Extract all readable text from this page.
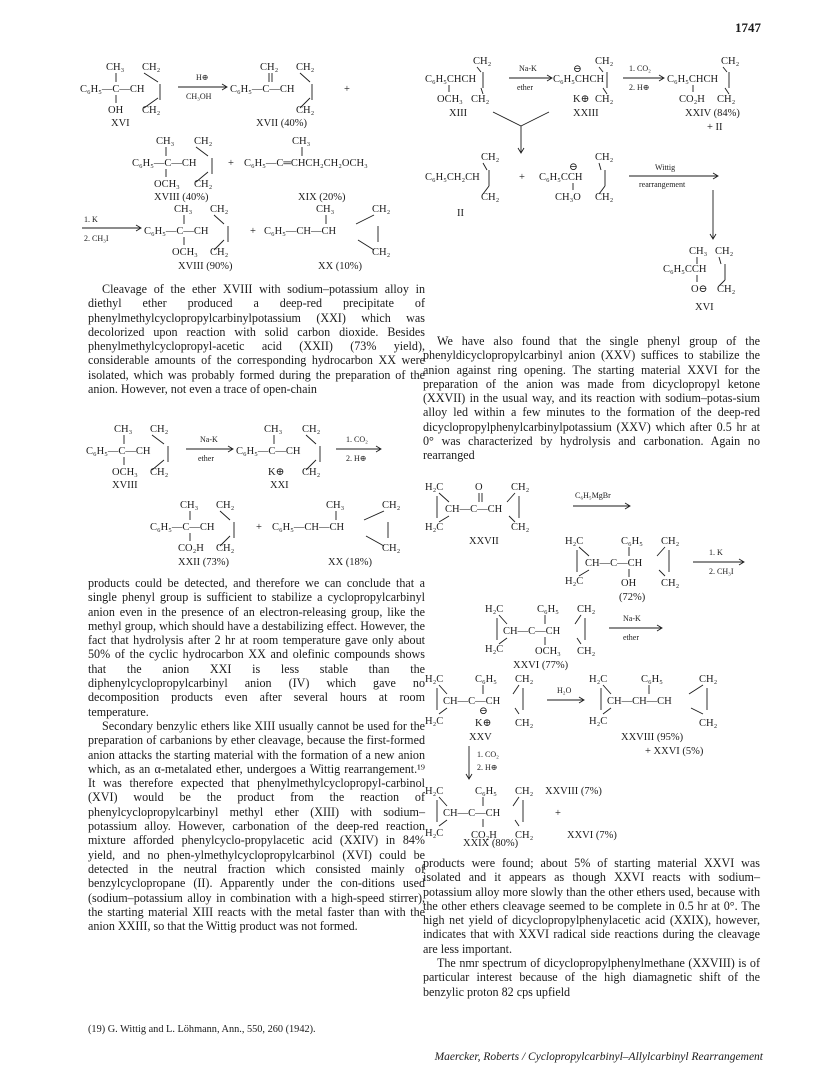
1747
CH₃ CH₂
C₆H₅—C—CH
OH CH₂
XVI
H⊕
CH₃OH
CH₂ CH₂
C₆H₅—C—CH
CH₂
+
XVII (40%)
CH₃ CH₂
C₆H₅—C—CH
OCH₃ CH₂
+
CH₃
C₆H₅—C═CHCH₂CH₂OCH₃
XVIII (40%)	XIX (20%)
1. K
2. CH₃I
CH₃ CH₂
C₆H₅—C—CH
OCH₃ CH₂
+
CH₃	CH₂
C₆H₅—CH—CH
CH₂
XVIII (90%)	XX (10%)

Cleavage of the ether XVIII with sodium–potassium alloy in diethyl ether produced a deep-red precipitate of phenylmethylcyclopropylcarbinylpotassium (XXI) which was decolorized upon reaction with solid carbon dioxide. Besides phenylmethylcyclopropyl-acetic acid (XXII) (73% yield), considerable amounts of the corresponding hydrocarbon XX were isolated, which was probably formed during the preparation of the anion. However, not even a trace of open-chain

CH₃ CH₂
C₆H₅—C—CH
OCH₃ CH₂
XVIII
Na-K
ether
CH₃ CH₂
C₆H₅—C—CH
K⊕ CH₂
XXI
1. CO₂
2. H⊕
CH₃ CH₂
C₆H₅—C—CH
CO₂H CH₂
+
CH₃	CH₂
C₆H₅—CH—CH
CH₂
XXII (73%)	XX (18%)

products could be detected, and therefore we can conclude that a single phenyl group is sufficient to stabilize a cyclopropylcarbinyl anion even in the presence of an electron-releasing group, like the methyl group, which should have a destabilizing effect. However, the fact that hydrolysis after 2 hr at room temperature gave only about 50% of the cyclic hydrocarbon XX and olefinic compounds shows that the anion XXI is less stable than the diphenylcyclopropylcarbinyl anion (IV) which gave no decomposition products even after several hours at room temperature.

Secondary benzylic ethers like XIII usually cannot be used for the preparation of carbanions by ether cleavage, because the first-formed anion attacks the starting material with the formation of a new anion which, as an α-metalated ether, undergoes a Wittig rearrangement.¹⁹ It was therefore expected that phenylmethylcyclopropyl-carbinol (XVI) would be the product from the reaction of phenylcyclopropylcarbinyl methyl ether (XIII) with sodium–potassium alloy. However, carbonation of the deep-red reaction mixture afforded phenylcyclo-propylacetic acid (XXIV) in 84% yield, and no phen-ylmethylcyclopropylcarbinol (XVI) could be detected in the neutral fraction which consisted mainly of benzylcyclopropane (II). Apparently under the con-ditions used (sodium–potassium alloy in combination with a high-speed stirrer), the starting material XIII reacts with the metal faster than with the anion XXIII, so that the Wittig product was not formed.

(19) G. Wittig and L. Löhmann, Ann., 550, 260 (1942).
CH₂
C₆H₅CHCH
OCH₃ CH₂
XIII
Na-K
ether
CH₂
⊖
C₆H₅CHCH
K⊕ CH₂
XXIII
1. CO₂
2. H⊕
CH₂
C₆H₅CHCH
CO₂H CH₂
XXIV (84%)
+ II
CH₂
C₆H₅CH₂CH
CH₂
+
II
CH₂
⊖
C₆H₅CCH
CH₃O CH₂
Wittig
rearrangement
CH₃ CH₂
C₆H₅CCH
O⊖ CH₂
XVI

We have also found that the single phenyl group of the phenyldicyclopropylcarbinyl anion (XXV) suffices to stabilize the anion against ring opening. The starting material XXVI for the preparation of the anion was made from dicyclopropyl ketone (XXVII) in the usual way, and its reaction with sodium–potas-sium alloy led within a few minutes to the formation of the deep-red dicyclopropylphenylcarbinylpotassium (XXV) which after 0.5 hr at 0° was characterized by hydrolysis and carbonation. Again no rearranged

H₂C	O	CH₂
CH—C—CH
H₂C	CH₂
XXVII
C₆H₅MgBr
H₂C	C₆H₅ CH₂
CH—C—CH
H₂C	OH CH₂
(72%)
1. K
2. CH₃I
H₂C	C₆H₅ CH₂
CH—C—CH
H₂C	OCH₃ CH₂
Na-K
ether
XXVI (77%)
H₂C	C₆H₅ CH₂
CH—C—CH
⊖
H₂C	K⊕ CH₂
XXV
H₂O
H₂C	C₆H₅	CH₂
CH—CH—CH
H₂C	CH₂
XXVIII (95%)
+ XXVI (5%)
1. CO₂
2. H⊕
H₂C	C₆H₅ CH₂
CH—C—CH
H₂C	CO₂H CH₂
XXVIII (7%)
+
XXVI (7%)
XXIX (80%)

products were found; about 5% of starting material XXVI was isolated and it appears as though XXVI reacts with sodium–potassium alloy more slowly than the other ethers used, because with the other ethers cleavage seemed to be complete in 0.5 hr at 0°. The high net yield of dicyclopropylphenylacetic acid (XXIX), however, indicates that with XXVI radical side reactions during the cleavage are less important.

The nmr spectrum of dicyclopropylphenylmethane (XXVIII) is of particular interest because of the high diamagnetic shift of the benzylic proton 82 cps upfield

Maercker, Roberts / Cyclopropylcarbinyl–Allylcarbinyl Rearrangement
